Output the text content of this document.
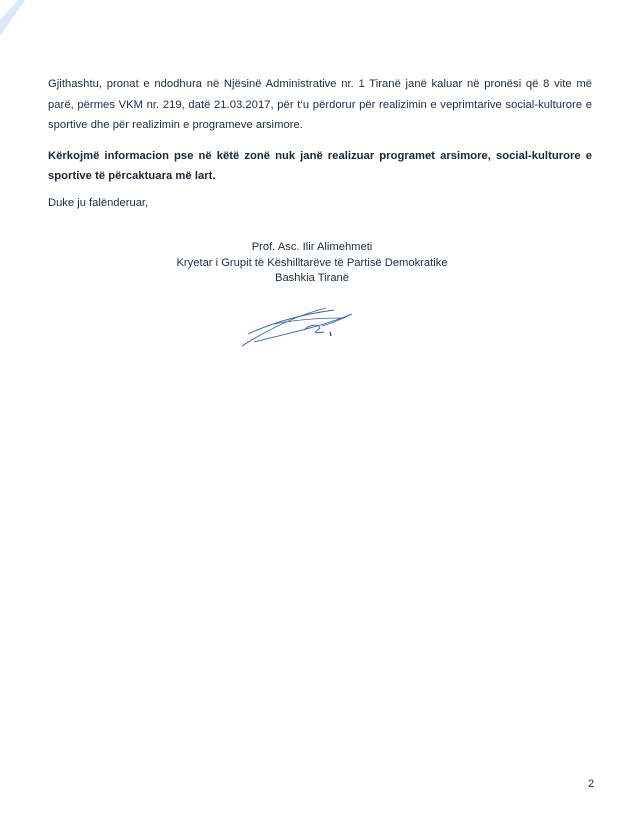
Gjithashtu, pronat e ndodhura në Njësinë Administrative nr. 1 Tiranë janë kaluar në pronësi që 8 vite më parë, përmes VKM nr. 219, datë 21.03.2017, për t’u përdorur për realizimin e veprimtarive social-kulturore e sportive dhe për realizimin e programeve arsimore.

Kërkojmë informacion pse në këtë zonë nuk janë realizuar programet arsimore, social-kulturore e sportive të përcaktuara më lart.

Duke ju falënderuar,

Prof. Asc. Ilir Alimehmeti
Kryetar i Grupit të Këshilltarëve të Partisë Demokratike
Bashkia Tiranë
2
